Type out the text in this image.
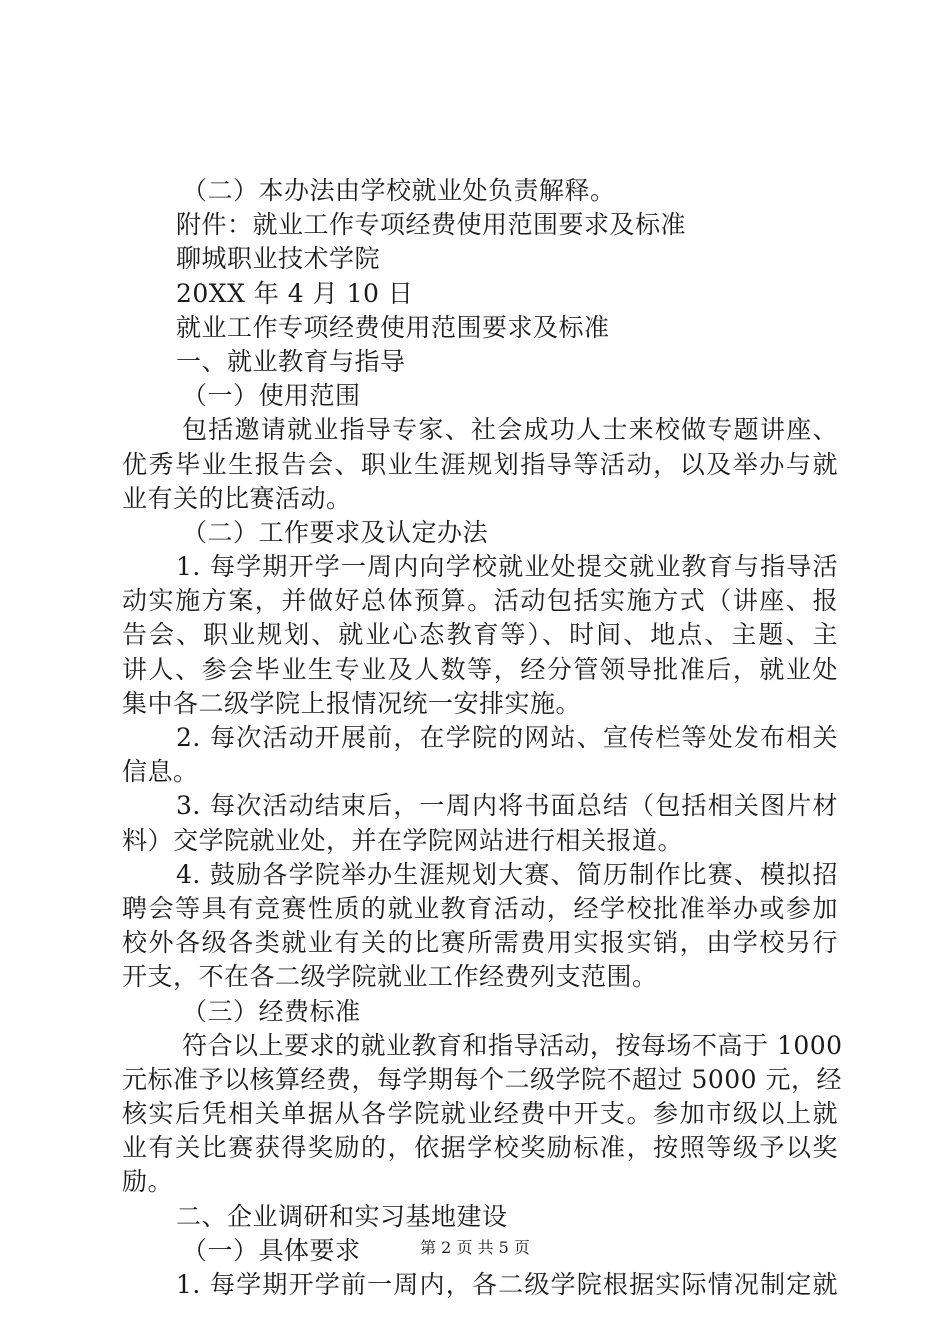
（二）本办法由学校就业处负责解释。
附件：就业工作专项经费使用范围要求及标准
聊城职业技术学院
20XX 年 4 月 10 日
就业工作专项经费使用范围要求及标准
一、就业教育与指导
（一）使用范围
包括邀请就业指导专家、社会成功人士来校做专题讲座、
优秀毕业生报告会、职业生涯规划指导等活动，以及举办与就
业有关的比赛活动。
（二）工作要求及认定办法
1. 每学期开学一周内向学校就业处提交就业教育与指导活
动实施方案，并做好总体预算。活动包括实施方式（讲座、报
告会、职业规划、就业心态教育等）、时间、地点、主题、主
讲人、参会毕业生专业及人数等，经分管领导批准后，就业处
集中各二级学院上报情况统一安排实施。
2. 每次活动开展前，在学院的网站、宣传栏等处发布相关
信息。
3. 每次活动结束后，一周内将书面总结（包括相关图片材
料）交学院就业处，并在学院网站进行相关报道。
4. 鼓励各学院举办生涯规划大赛、简历制作比赛、模拟招
聘会等具有竞赛性质的就业教育活动，经学校批准举办或参加
校外各级各类就业有关的比赛所需费用实报实销，由学校另行
开支，不在各二级学院就业工作经费列支范围。
（三）经费标准
符合以上要求的就业教育和指导活动，按每场不高于 1000
元标准予以核算经费，每学期每个二级学院不超过 5000 元，经
核实后凭相关单据从各学院就业经费中开支。参加市级以上就
业有关比赛获得奖励的，依据学校奖励标准，按照等级予以奖
励。
二、企业调研和实习基地建设
（一）具体要求
1. 每学期开学前一周内，各二级学院根据实际情况制定就
第 2 页 共 5 页
